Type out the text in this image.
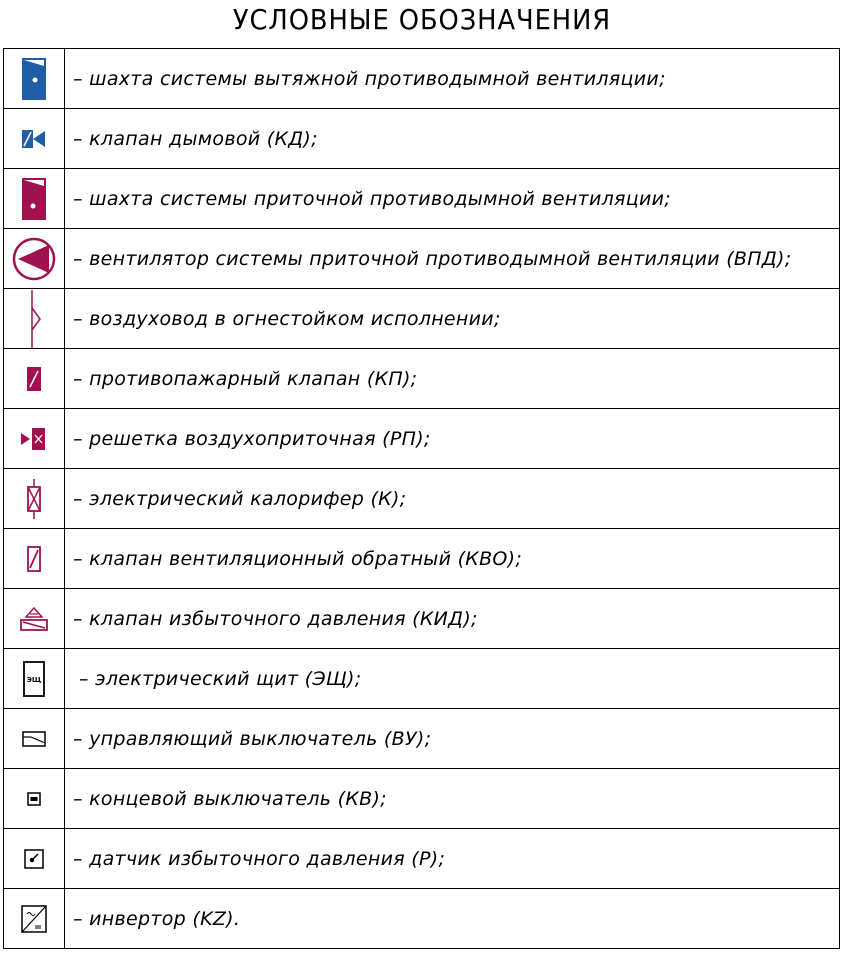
УСЛОВНЫЕ ОБОЗНАЧЕНИЯ
– шахта системы вытяжной противодымной вентиляции;
– клапан дымовой (КД);
– шахта системы приточной противодымной вентиляции;
– вентилятор системы приточной противодымной вентиляции (ВПД);
– воздуховод в огнестойком исполнении;
– противопажарный клапан (КП);
– решетка воздухоприточная (РП);
– электрический калорифер (К);
– клапан вентиляционный обратный (КВО);
– клапан избыточного давления (КИД);
ЭЩ	– электрический щит (ЭЩ);
– управляющий выключатель (ВУ);
– концевой выключатель (КВ);
– датчик избыточного давления (Р);
– инвертор (KZ).
